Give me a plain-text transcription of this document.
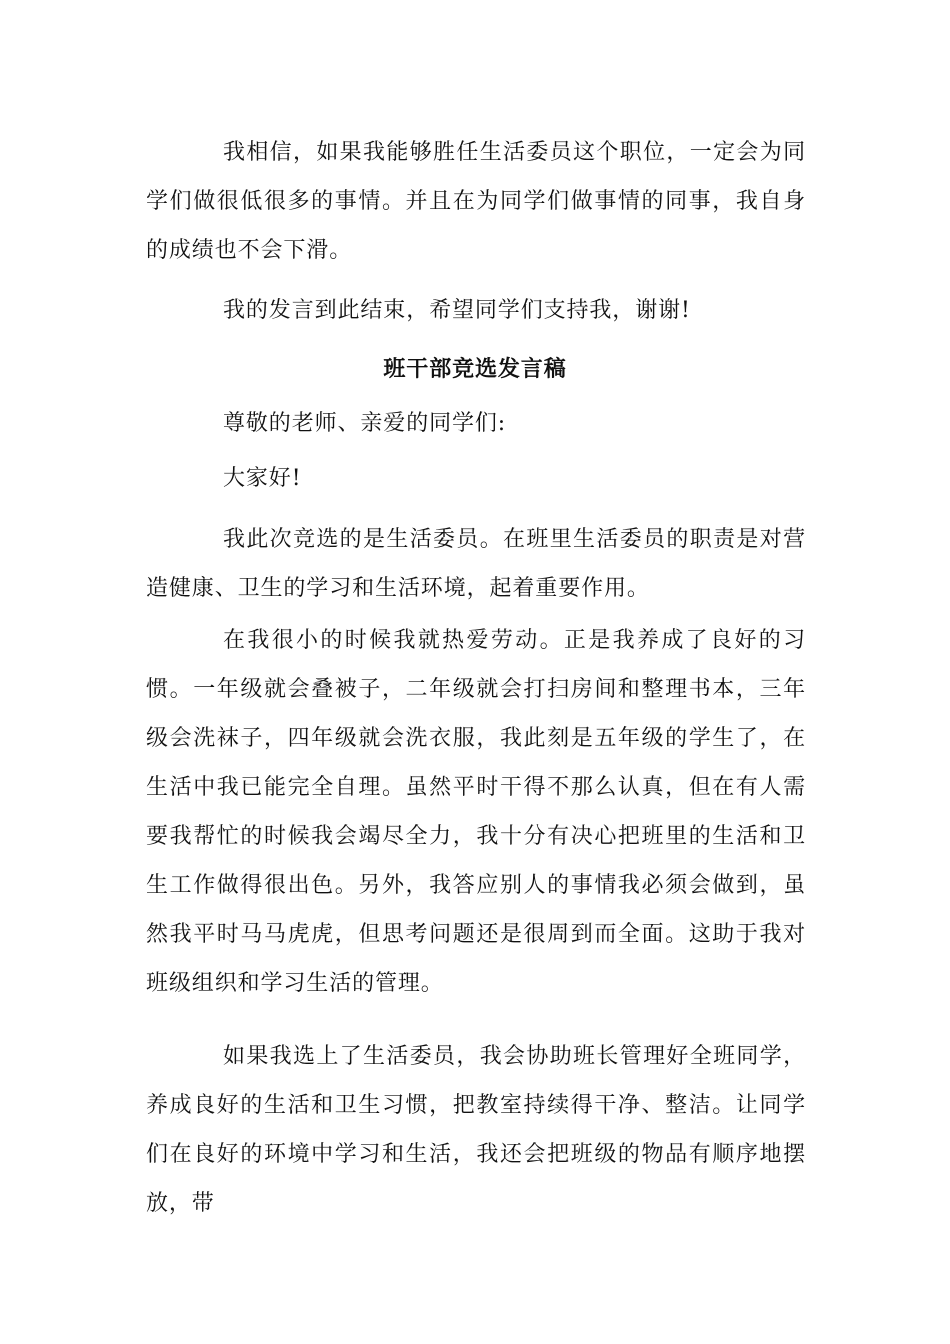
我相信，如果我能够胜任生活委员这个职位，一定会为同学们做很低很多的事情。并且在为同学们做事情的同事，我自身的成绩也不会下滑。

我的发言到此结束，希望同学们支持我，谢谢!

班干部竞选发言稿

尊敬的老师、亲爱的同学们:

大家好!

我此次竞选的是生活委员。在班里生活委员的职责是对营造健康、卫生的学习和生活环境，起着重要作用。

在我很小的时候我就热爱劳动。正是我养成了良好的习惯。一年级就会叠被子，二年级就会打扫房间和整理书本，三年级会洗袜子，四年级就会洗衣服，我此刻是五年级的学生了，在生活中我已能完全自理。虽然平时干得不那么认真，但在有人需要我帮忙的时候我会竭尽全力，我十分有决心把班里的生活和卫生工作做得很出色。另外，我答应别人的事情我必须会做到，虽然我平时马马虎虎，但思考问题还是很周到而全面。这助于我对班级组织和学习生活的管理。

如果我选上了生活委员，我会协助班长管理好全班同学，养成良好的生活和卫生习惯，把教室持续得干净、整洁。让同学们在良好的环境中学习和生活，我还会把班级的物品有顺序地摆放，带
